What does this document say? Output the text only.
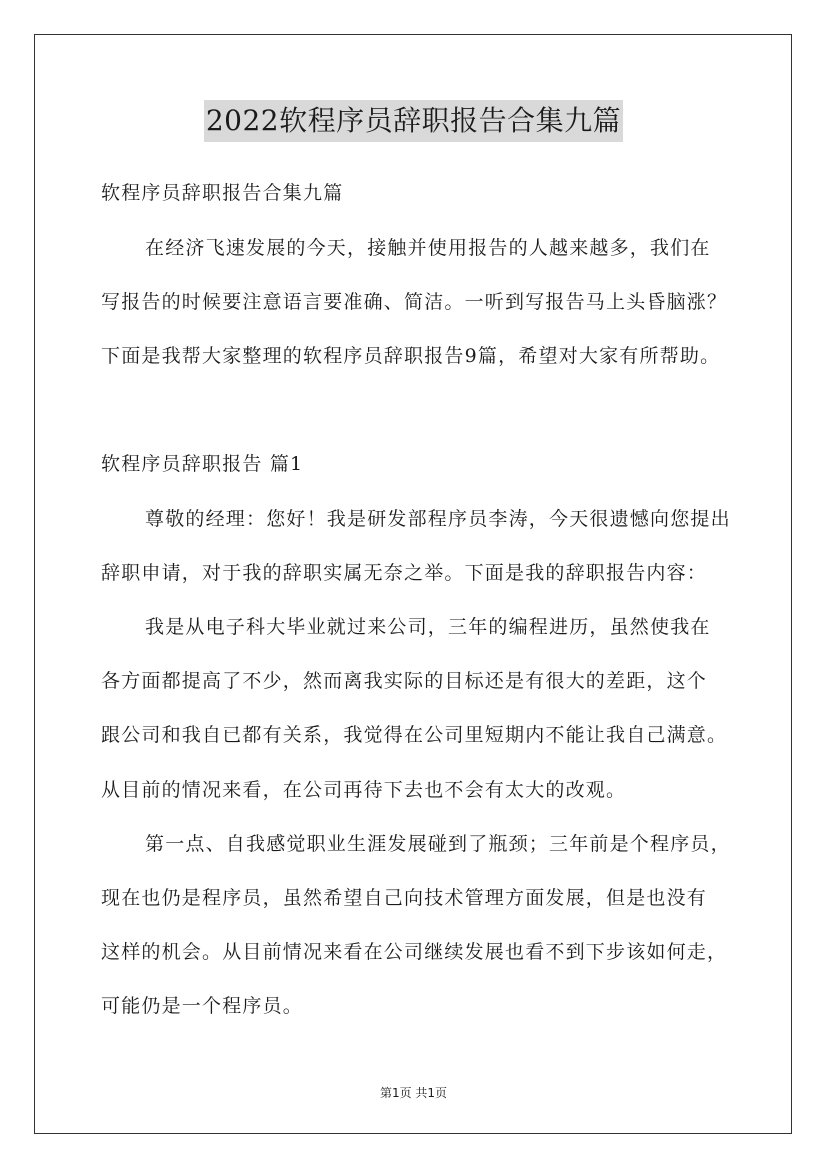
2022软程序员辞职报告合集九篇
软程序员辞职报告合集九篇
在经济飞速发展的今天，接触并使用报告的人越来越多，我们在
写报告的时候要注意语言要准确、简洁。一听到写报告马上头昏脑涨？
下面是我帮大家整理的软程序员辞职报告9篇，希望对大家有所帮助。
软程序员辞职报告 篇1
尊敬的经理：您好！我是研发部程序员李涛，今天很遗憾向您提出
辞职申请，对于我的辞职实属无奈之举。下面是我的辞职报告内容：
我是从电子科大毕业就过来公司，三年的编程进历，虽然使我在
各方面都提高了不少，然而离我实际的目标还是有很大的差距，这个
跟公司和我自已都有关系，我觉得在公司里短期内不能让我自己满意。
从目前的情况来看，在公司再待下去也不会有太大的改观。
第一点、自我感觉职业生涯发展碰到了瓶颈；三年前是个程序员，
现在也仍是程序员，虽然希望自己向技术管理方面发展，但是也没有
这样的机会。从目前情况来看在公司继续发展也看不到下步该如何走，
可能仍是一个程序员。
第1页 共1页
